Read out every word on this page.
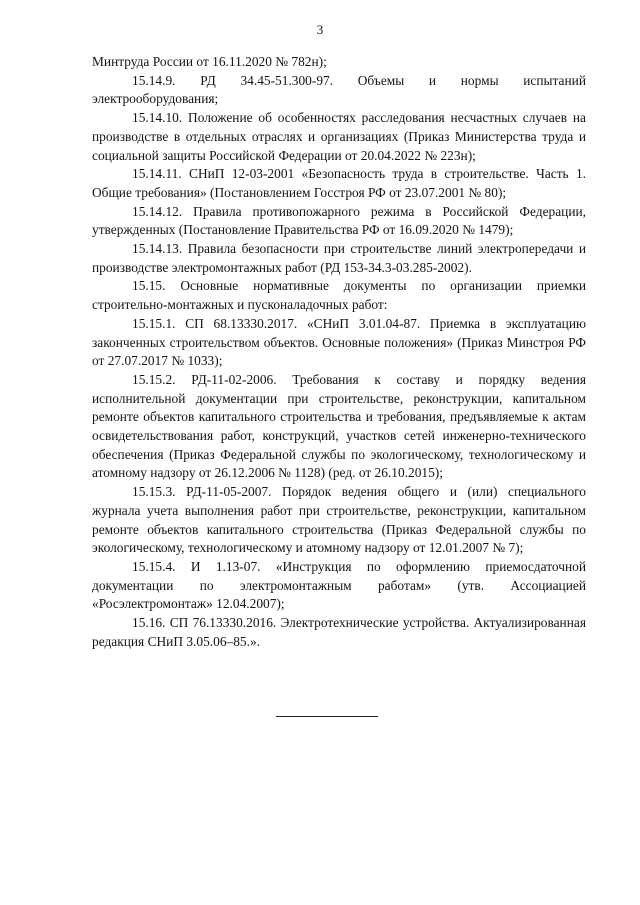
3

Минтруда России от 16.11.2020 № 782н);

15.14.9. РД 34.45-51.300-97. Объемы и нормы испытаний электрооборудования;

15.14.10. Положение об особенностях расследования несчастных случаев на производстве в отдельных отраслях и организациях (Приказ Министерства труда и социальной защиты Российской Федерации от 20.04.2022 № 223н);

15.14.11. СНиП 12-03-2001 «Безопасность труда в строительстве. Часть 1. Общие требования» (Постановлением Госстроя РФ от 23.07.2001 № 80);

15.14.12. Правила противопожарного режима в Российской Федерации, утвержденных (Постановление Правительства РФ от 16.09.2020 № 1479);

15.14.13. Правила безопасности при строительстве линий электропередачи и производстве электромонтажных работ (РД 153-34.3-03.285-2002).

15.15. Основные нормативные документы по организации приемки строительно-монтажных и пусконаладочных работ:

15.15.1. СП 68.13330.2017. «СНиП 3.01.04-87. Приемка в эксплуатацию законченных строительством объектов. Основные положения» (Приказ Минстроя РФ от 27.07.2017 № 1033);

15.15.2. РД-11-02-2006. Требования к составу и порядку ведения исполнительной документации при строительстве, реконструкции, капитальном ремонте объектов капитального строительства и требования, предъявляемые к актам освидетельствования работ, конструкций, участков сетей инженерно-технического обеспечения (Приказ Федеральной службы по экологическому, технологическому и атомному надзору от 26.12.2006 № 1128) (ред. от 26.10.2015);

15.15.3. РД-11-05-2007. Порядок ведения общего и (или) специального журнала учета выполнения работ при строительстве, реконструкции, капитальном ремонте объектов капитального строительства (Приказ Федеральной службы по экологическому, технологическому и атомному надзору от 12.01.2007 № 7);

15.15.4. И 1.13-07. «Инструкция по оформлению приемосдаточной документации по электромонтажным работам» (утв. Ассоциацией «Росэлектромонтаж» 12.04.2007);

15.16. СП 76.13330.2016. Электротехнические устройства. Актуализированная редакция СНиП 3.05.06–85.».
